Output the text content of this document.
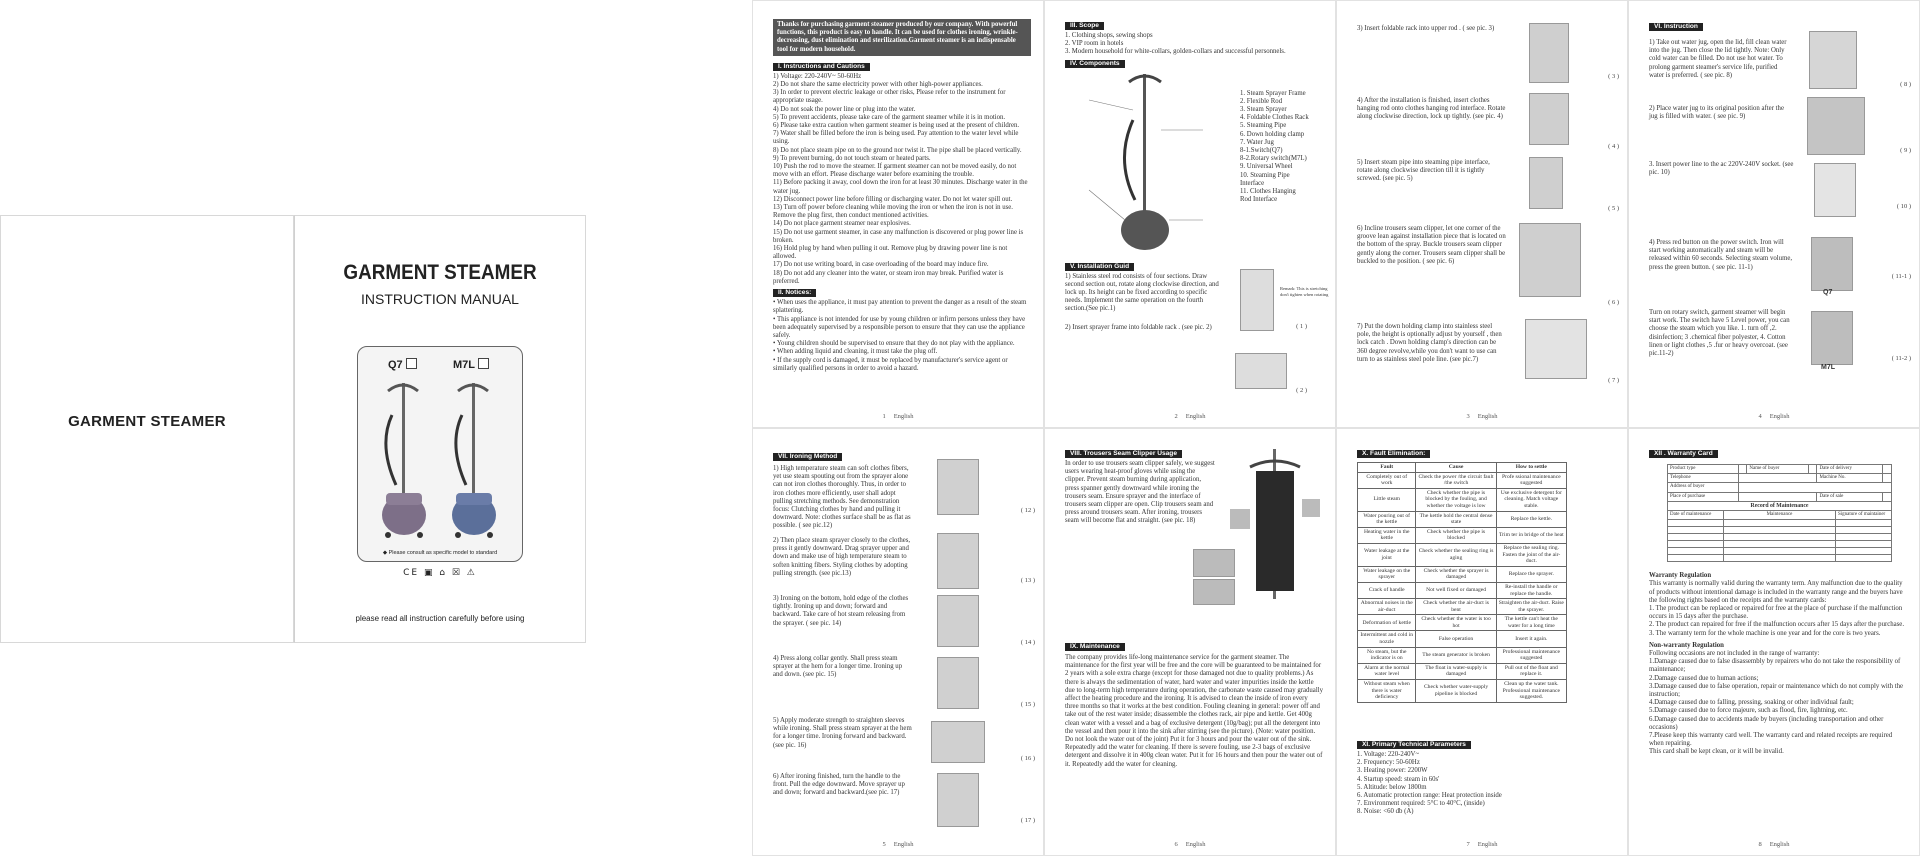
GARMENT STEAMER
GARMENT STEAMER
INSTRUCTION MANUAL
Q7	M7L
◆ Please consult as specific model to standard
CE ▣ ⌂ ☒ ⚠
please read all instruction carefully before using
Thanks for purchasing garment steamer produced by our company. With powerful functions, this product is easy to handle. It can be used for clothes ironing, wrinkle-decreasing, dust elimination and sterilization.Garment steamer is an indispensable tool for modern household.
I. Instructions and Cautions
1) Voltage: 220-240V~ 50-60Hz
2) Do not share the same electricity power with other high-power appliances.
3) In order to prevent electric leakage or other risks, Please refer to the instrument for appropriate usage.
4) Do not soak the power line or plug into the water.
5) To prevent accidents, please take care of the garment steamer while it is in motion.
6) Please take extra caution when garment steamer is being used at the present of children.
7) Water shall be filled before the iron is being used. Pay attention to the water level while using.
8) Do not place steam pipe on to the ground nor twist it. The pipe shall be placed vertically.
9) To prevent burning, do not touch steam or heated parts.
10) Push the rod to move the steamer. If garment steamer can not be moved easily, do not move with an effort. Please discharge water before examining the trouble.
11) Before packing it away, cool down the iron for at least 30 minutes. Discharge water in the water jug.
12) Disconnect power line before filling or discharging water. Do not let water spill out.
13) Turn off power before cleaning while moving the iron or when the iron is not in use. Remove the plug first, then conduct mentioned activities.
14) Do not place garment steamer near explosives.
15) Do not use garment steamer, in case any malfunction is discovered or plug power line is broken.
16) Hold plug by hand when pulling it out. Remove plug by drawing power line is not allowed.
17) Do not use writing board, in case overloading of the board may induce fire.
18) Do not add any cleaner into the water, or steam iron may break. Purified water is preferred.
II. Notices:
• When uses the appliance, it must pay attention to prevent the danger as a result of the steam splattering.
• This appliance is not intended for use by young children or infirm persons unless they have been adequately supervised by a responsible person to ensure that they can use the appliance safely.
• Young children should be supervised to ensure that they do not play with the appliance.
• When adding liquid and cleaning, it must take the plug off.
• If the supply cord is damaged, it must be replaced by manufacturer's service agent or similarly qualified persons in order to avoid a hazard.
1 English
III. Scope
1. Clothing shops, sewing shops
2. VIP room in hotels
3. Modern household for white-collars, golden-collars and successful personnels.
IV. Components
1. Steam Sprayer Frame
2. Flexible Rod
3. Steam Sprayer
4. Foldable Clothes Rack
5. Steaming Pipe
6. Down holding clamp
7. Water Jug
8-1.Switch(Q7)
8-2.Rotary switch(M7L)
9. Universal Wheel
10. Steaming Pipe
Interface
11. Clothes Hanging
Rod Interface
V. Installation Guid
1) Stainless steel rod consists of four sections. Draw second section out, rotate along clockwise direction, and lock up. Its height can be fixed according to specific needs. Implement the same operation on the fourth section.(See pic.1)
2) Insert sprayer frame into foldable rack . (see pic. 2)
Remark: This is stretching don't tighten when rotating
( 1 )
( 2 )
2 English
3) Insert foldable rack into upper rod . ( see pic. 3)
4) After the installation is finished, insert clothes hanging rod onto clothes hanging rod interface. Rotate along clockwise direction, lock up tightly. (see pic. 4)
5) Insert steam pipe into steaming pipe interface, rotate along clockwise direction till it is tightly screwed. (see pic. 5)
6) Incline trousers seam clipper, let one corner of the groove lean against installation piece that is located on the bottom of the spray. Buckle trousers seam clipper gently along the corner. Trousers seam clipper shall be buckled to the position. ( see pic. 6)
7) Put the down holding clamp into stainless steel pole, the height is optionally adjust by yourself , then lock catch . Down holding clamp's direction can be 360 degree revolve,while you don't want to use can turn to as stainless steel pole line. (see pic.7)
( 3 )
( 4 )
( 5 )
( 6 )
( 7 )
3 English
VI. Instruction
1) Take out water jug, open the lid, fill clean water into the jug. Then close the lid tightly. Note: Only cold water can be filled. Do not use hot water. To prolong garment steamer's service life, purified water is preferred. ( see pic. 8)
2) Place water jug to its original position after the jug is filled with water. ( see pic. 9)
3. Insert power line to the ac 220V-240V socket. (see pic. 10)
4) Press red button on the power switch. Iron will start working automatically and steam will be released within 60 seconds. Selecting steam volume, press the green button. ( see pic. 11-1)
Turn on rotary switch, garment steamer will begin start work. The switch have 5 Level power, you can choose the steam which you like. 1. turn off ,2. disinfection; 3 .chemical fiber polyester, 4. Cotton linen or light clothes ,5 .fur or heavy overcoat. (see pic.11-2)
Q7
M7L
( 8 )
( 9 )
( 10 )
( 11-1 )
( 11-2 )
4 English
VII. Ironing Method
1) High temperature steam can soft clothes fibers, yet use steam spouting out from the sprayer alone can not iron clothes thoroughly. Thus, in order to iron clothes more efficiently, user shall adopt pulling stretching methods. See demonstration focus: Clutching clothes by hand and pulling it downward. Note: clothes surface shall be as flat as possible. ( see pic.12)
2) Then place steam sprayer closely to the clothes, press it gently downward. Drag sprayer upper and down and make use of high temperature steam to soften knitting fibers. Styling clothes by adopting pulling strength. (see pic.13)
3) Ironing on the bottom, hold edge of the clothes tightly. Ironing up and down; forward and backward. Take care of hot steam releasing from the sprayer. ( see pic. 14)
4) Press along collar gently. Shall press steam sprayer at the hem for a longer time. Ironing up and down. (see pic. 15)
5) Apply moderate strength to straighten sleeves while ironing. Shall press steam sprayer at the hem for a longer time. Ironing forward and backward. (see pic. 16)
6) After ironing finished, turn the handle to the front. Pull the edge downward. Move sprayer up and down; forward and backward.(see pic. 17)
( 12 )
( 13 )
( 14 )
( 15 )
( 16 )
( 17 )
5 English
VIII. Trousers Seam Clipper Usage
In order to use trousers seam clipper safely, we suggest users wearing heat-proof gloves while using the clipper. Prevent steam burning during application, press spanner gently downward while ironing the trousers seam. Ensure sprayer and the interface of trousers seam clipper are open. Clip trousers seam and press around trousers seam. After ironing, trousers seam will become flat and straight. (see pic. 18)
IX. Maintenance
The company provides life-long maintenance service for the garment steamer. The maintenance for the first year will be free and the core will be guaranteed to be maintained for 2 years with a sole extra charge (except for those damaged not due to quality problems.) As there is always the sedimentation of water, hard water and water impurities inside the kettle due to long-term high temperature during operation, the carbonate waste caused may gradually affect the heating procedure and the ironing. It is advised to clean the inside of iron every three months so that it works at the best condition. Fouling cleaning in general: power off and take out of the rest water inside; disassemble the clothes rack, air pipe and kettle. Get 400g clean water with a vessel and a bag of exclusive detergent (10g/bag); put all the detergent into the vessel and then pour it into the sink after stirring (see the picture). (Note: water position. Do not look the water out of the joint) Put it for 3 hours and pour the water out of the sink. Repeatedly add the water for cleaning. If there is severe fouling, use 2-3 bags of exclusive detergent and dissolve it in 400g clean water. Put it for 16 hours and then pour the water out of it. Repeatedly add the water for cleaning.
6 English
X. Fault Elimination:
Fault	Cause	How to settle
Completely out of work	Check the power /the circuit fault /the switch	Profe ssional maintenance suggested
Little steam	Check whether the pipe is blocked by the fouling, and whether the voltage is low	Use exclusive detergent for cleaning. Match voltage stable.
Water pouring out of the kettle	The kettle hold the central dense state	Replace the kettle.
Heating water in the kettle	Check whether the pipe is blocked	Trim ter in bridge of the heat
Water leakage at the joint	Check whether the sealing ring is aging	Replace the sealing ring. Fasten the joint of the air-duct.
Water leakage on the sprayer	Check whether the sprayer is damaged	Replace the sprayer.
Crack of handle	Not well fixed or damaged	Re-install the handle or replace the handle.
Abnormal noises in the air-duct	Check whether the air-duct is bent	Straighten the air-duct. Raise the sprayer.
Deformation of kettle	Check whether the water is too hot	The kettle can't heat the water for a long time
Intermittent and cold in nozzle	False operation	Insert it again.
No steam, but the indicator is on	The steam generator is broken	Professional maintenance suggested
Alarm at the normal water level	The float in water-supply is damaged	Pull out of the float and replace it.
Without steam when there is water deficiency	Check whether water-supply pipeline is blocked	Clean up the water tank. Professional maintenance suggested.
XI. Primary Technical Parameters
1. Voltage: 220-240V~
2. Frequency: 50-60Hz
3. Heating power: 2200W
4. Startup speed: steam in 60s'
5. Altitude: below 1800m
6. Automatic protection range: Heat protection inside
7. Environment required: 5°C to 40°C, (inside)
8. Noise: <60 db (A)
7 English
XII . Warranty Card
Product type		Name of buyer		Date of delivery	
Telephone				Machine No.	
Address of buyer					
Place of purchase				Date of sale	
Record of Maintenance		
Date of maintenance	Maintenance	Signature of maintainer

Warranty Regulation
This warranty is normally valid during the warranty term. Any malfunction due to the quality of products without intentional damage is included in the warranty range and the buyers have the following rights based on the receipts and the warranty cards:
1. The product can be replaced or repaired for free at the place of purchase if the malfunction occurs in 15 days after the purchase.
2. The product can repaired for free if the malfunction occurs after 15 days after the purchase.
3. The warranty term for the whole machine is one year and for the core is two years.
Non-warranty Regulation
Following occasions are not included in the range of warranty:
1.Damage caused due to false disassembly by repairers who do not take the responsibility of maintenance;
2.Damage caused due to human actions;
3.Damage caused due to false operation, repair or maintenance which do not comply with the instruction;
4.Damage caused due to falling, pressing, soaking or other individual fault;
5.Damage caused due to force majeure, such as flood, fire, lightning, etc.
6.Damage caused due to accidents made by buyers (including transportation and other occasions)
7.Please keep this warranty card well. The warranty card and related receipts are required when repairing.
This card shall be kept clean, or it will be invalid.
8 English
